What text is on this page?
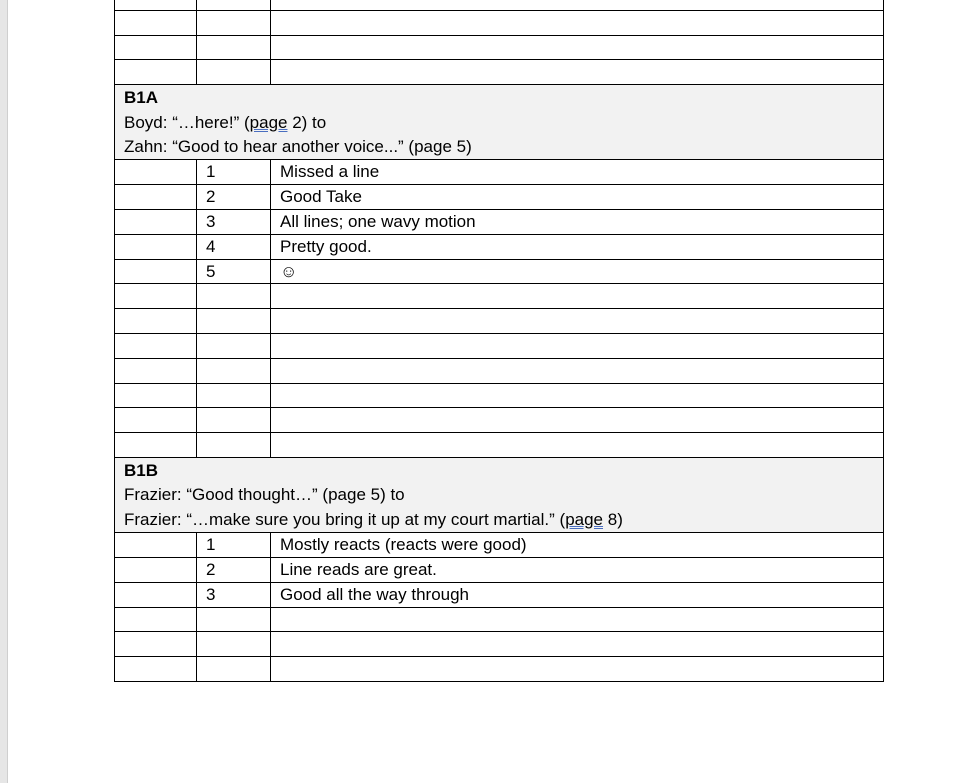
B1A
Boyd: “…here!” (page 2) to
Zahn: “Good to hear another voice...” (page 5)		

	1	Missed a line
	2	Good Take
	3	All lines; one wavy motion
	4	Pretty good.
	5	☺

B1B
Frazier: “Good thought…” (page 5) to
Frazier: “…make sure you bring it up at my court martial.” (page 8)		

	1	Mostly reacts (reacts were good)
	2	Line reads are great.
	3	Good all the way through
